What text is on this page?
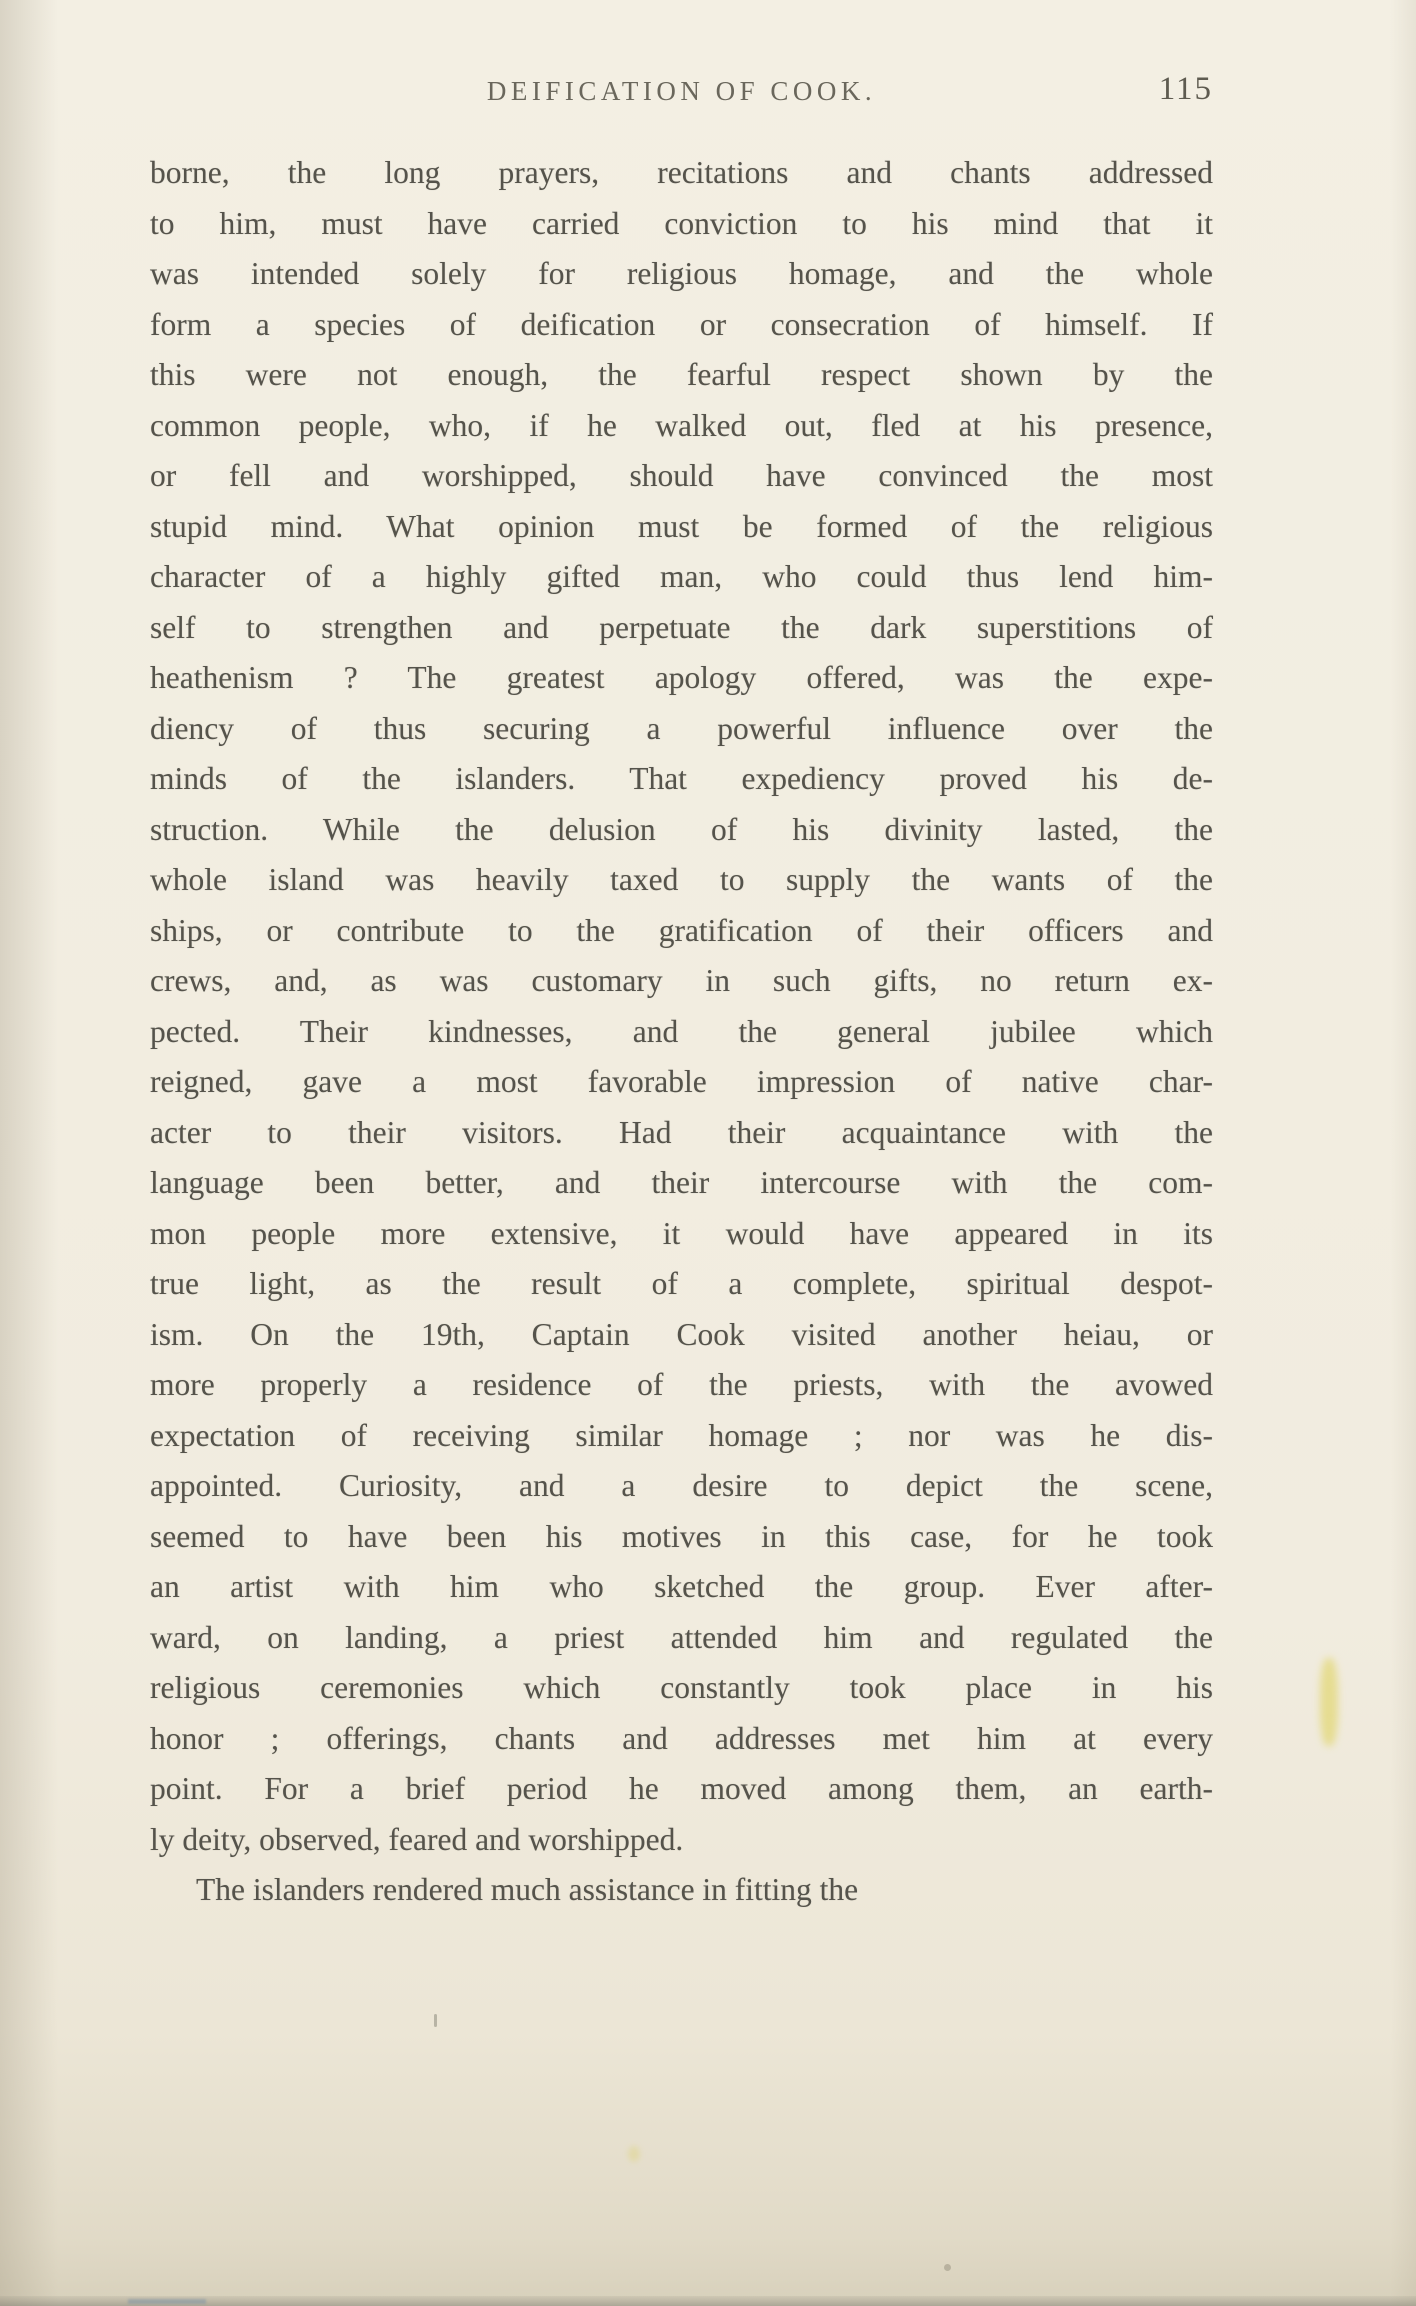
DEIFICATION OF COOK.	115
borne, the long prayers, recitations and chants addressed
to him, must have carried conviction to his mind that it
was intended solely for religious homage, and the whole
form a species of deification or consecration of himself. If
this were not enough, the fearful respect shown by the
common people, who, if he walked out, fled at his presence,
or fell and worshipped, should have convinced the most
stupid mind. What opinion must be formed of the religious
character of a highly gifted man, who could thus lend him-
self to strengthen and perpetuate the dark superstitions of
heathenism ? The greatest apology offered, was the expe-
diency of thus securing a powerful influence over the
minds of the islanders. That expediency proved his de-
struction. While the delusion of his divinity lasted, the
whole island was heavily taxed to supply the wants of the
ships, or contribute to the gratification of their officers and
crews, and, as was customary in such gifts, no return ex-
pected. Their kindnesses, and the general jubilee which
reigned, gave a most favorable impression of native char-
acter to their visitors. Had their acquaintance with the
language been better, and their intercourse with the com-
mon people more extensive, it would have appeared in its
true light, as the result of a complete, spiritual despot-
ism. On the 19th, Captain Cook visited another heiau, or
more properly a residence of the priests, with the avowed
expectation of receiving similar homage ; nor was he dis-
appointed. Curiosity, and a desire to depict the scene,
seemed to have been his motives in this case, for he took
an artist with him who sketched the group. Ever after-
ward, on landing, a priest attended him and regulated the
religious ceremonies which constantly took place in his
honor ; offerings, chants and addresses met him at every
point. For a brief period he moved among them, an earth-
ly deity, observed, feared and worshipped.
The islanders rendered much assistance in fitting the
